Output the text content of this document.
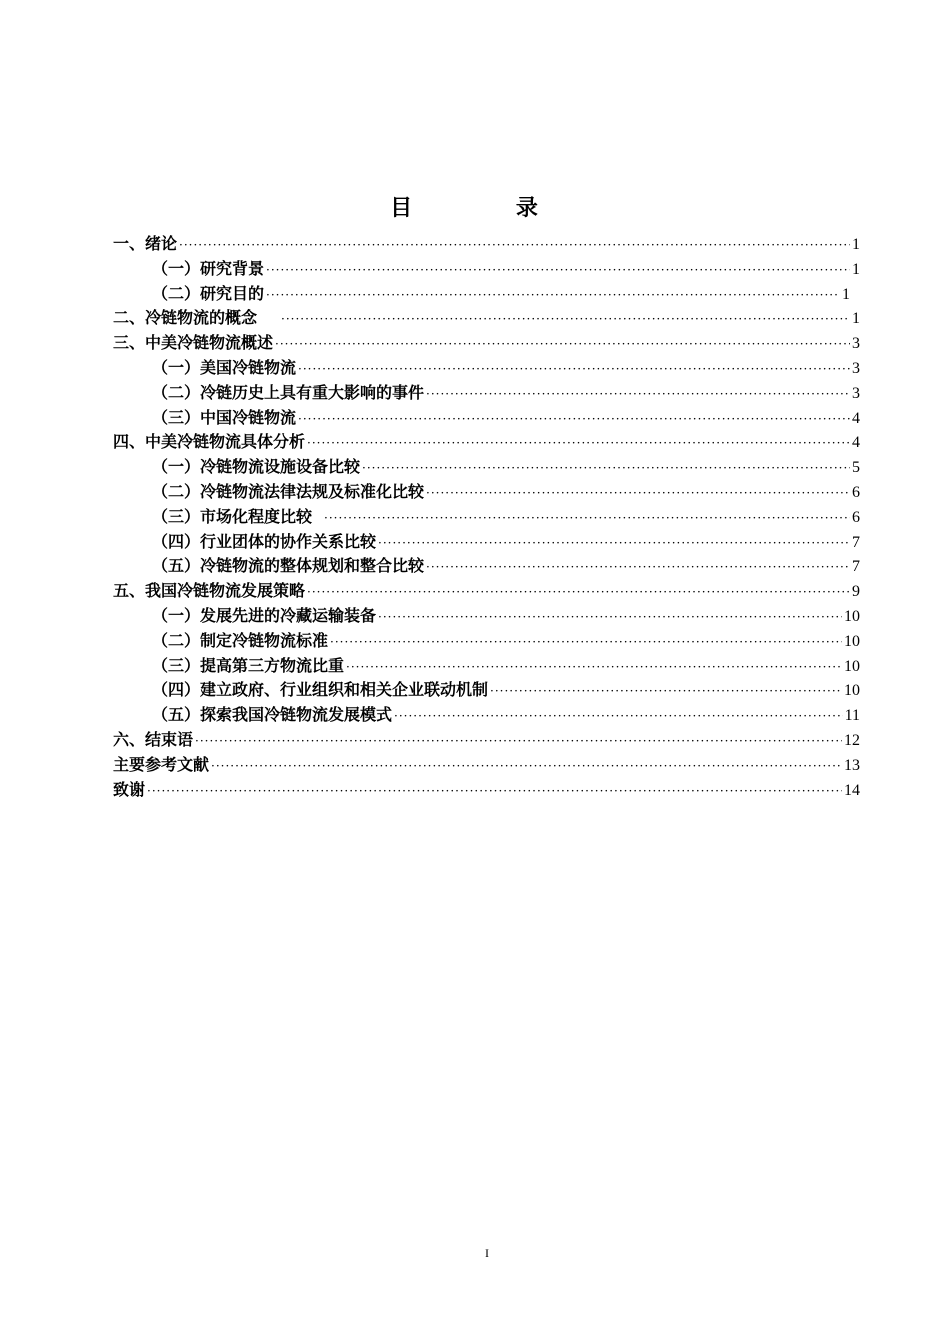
目 录
一、绪论 ·····	1
（一）研究背景 ·····	1
（二）研究目的 ·····	1
二、冷链物流的概念 ·····	1
三、中美冷链物流概述 ·····	3
（一）美国冷链物流 ·····	3
（二）冷链历史上具有重大影响的事件 ·····	3
（三）中国冷链物流 ·····	4
四、中美冷链物流具体分析 ·····	4
（一）冷链物流设施设备比较 ·····	5
（二）冷链物流法律法规及标准化比较 ·····	6
（三）市场化程度比较 ·····	6
（四）行业团体的协作关系比较 ·····	7
（五）冷链物流的整体规划和整合比较 ·····	7
五、我国冷链物流发展策略 ·····	9
（一）发展先进的冷藏运输装备 ·····	10
（二）制定冷链物流标准 ·····	10
（三）提高第三方物流比重 ·····	10
（四）建立政府、行业组织和相关企业联动机制 ·····	10
（五）探索我国冷链物流发展模式 ·····	11
六、结束语 ·····	12
主要参考文献 ·····	13
致谢 ·····	14
I
